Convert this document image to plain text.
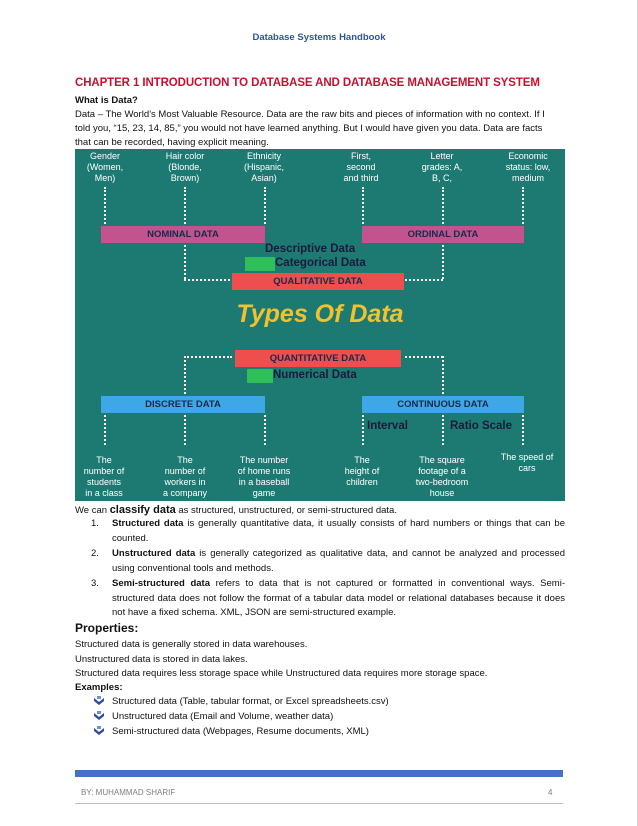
Database Systems Handbook
CHAPTER 1 INTRODUCTION TO DATABASE AND DATABASE MANAGEMENT SYSTEM
What is Data?
Data – The World’s Most Valuable Resource. Data are the raw bits and pieces of information with no context. If I
told you, “15, 23, 14, 85,” you would not have learned anything. But I would have given you data. Data are facts
that can be recorded, having explicit meaning.
Gender
(Women,
Men)
Hair color
(Blonde,
Brown)
Ethnicity
(Hispanic,
Asian)
First,
second
and third
Letter
grades: A,
B, C,
Economic
status: low,
medium
NOMINAL DATA	ORDINAL DATA
Descriptive Data
Categorical Data
QUALITATIVE DATA
Types Of Data
QUANTITATIVE DATA
Numerical Data
DISCRETE DATA	CONTINUOUS DATA
Interval	Ratio Scale
The
number of
students
in a class
The
number of
workers in
a company
The number
of home runs
in a baseball
game
The
height of
children
The square
footage of a
two-bedroom
house
The speed of
cars
We can classify data as structured, unstructured, or semi-structured data.
1. Structured data is generally quantitative data, it usually consists of hard numbers or things that can be counted.
2. Unstructured data is generally categorized as qualitative data, and cannot be analyzed and processed using conventional tools and methods.
3. Semi-structured data refers to data that is not captured or formatted in conventional ways. Semi-structured data does not follow the format of a tabular data model or relational databases because it does not have a fixed schema. XML, JSON are semi-structured example.
Properties:
Structured data is generally stored in data warehouses.
Unstructured data is stored in data lakes.
Structured data requires less storage space while Unstructured data requires more storage space.
Examples:
Structured data (Table, tabular format, or Excel spreadsheets.csv)
Unstructured data (Email and Volume, weather data)
Semi-structured data (Webpages, Resume documents, XML)
BY: MUHAMMAD SHARIF	4
